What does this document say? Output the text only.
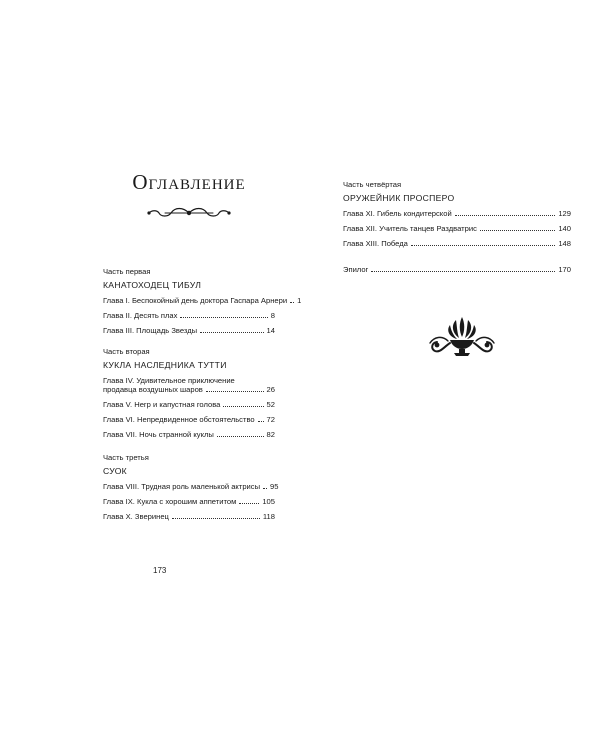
Оглавление
Часть первая
КАНАТОХОДЕЦ ТИБУЛ
Глава I. Беспокойный день доктора Гаспара Арнери 1
Глава II. Десять плах	8
Глава III. Площадь Звезды	14
Часть вторая
КУКЛА НАСЛЕДНИКА ТУТТИ
Глава IV. Удивительное приключение
продавца воздушных шаров	26
Глава V. Негр и капустная голова	52
Глава VI. Непредвиденное обстоятельство 72
Глава VII. Ночь странной куклы	82
Часть третья
СУОК
Глава VIII. Трудная роль маленькой актрисы 95
Глава IX. Кукла с хорошим аппетитом	105
Глава X. Зверинец	118
173
Часть четвёртая
ОРУЖЕЙНИК ПРОСПЕРО
Глава XI. Гибель кондитерской	129
Глава XII. Учитель танцев Раздватрис	140
Глава XIII. Победа	148
Эпилог	170
